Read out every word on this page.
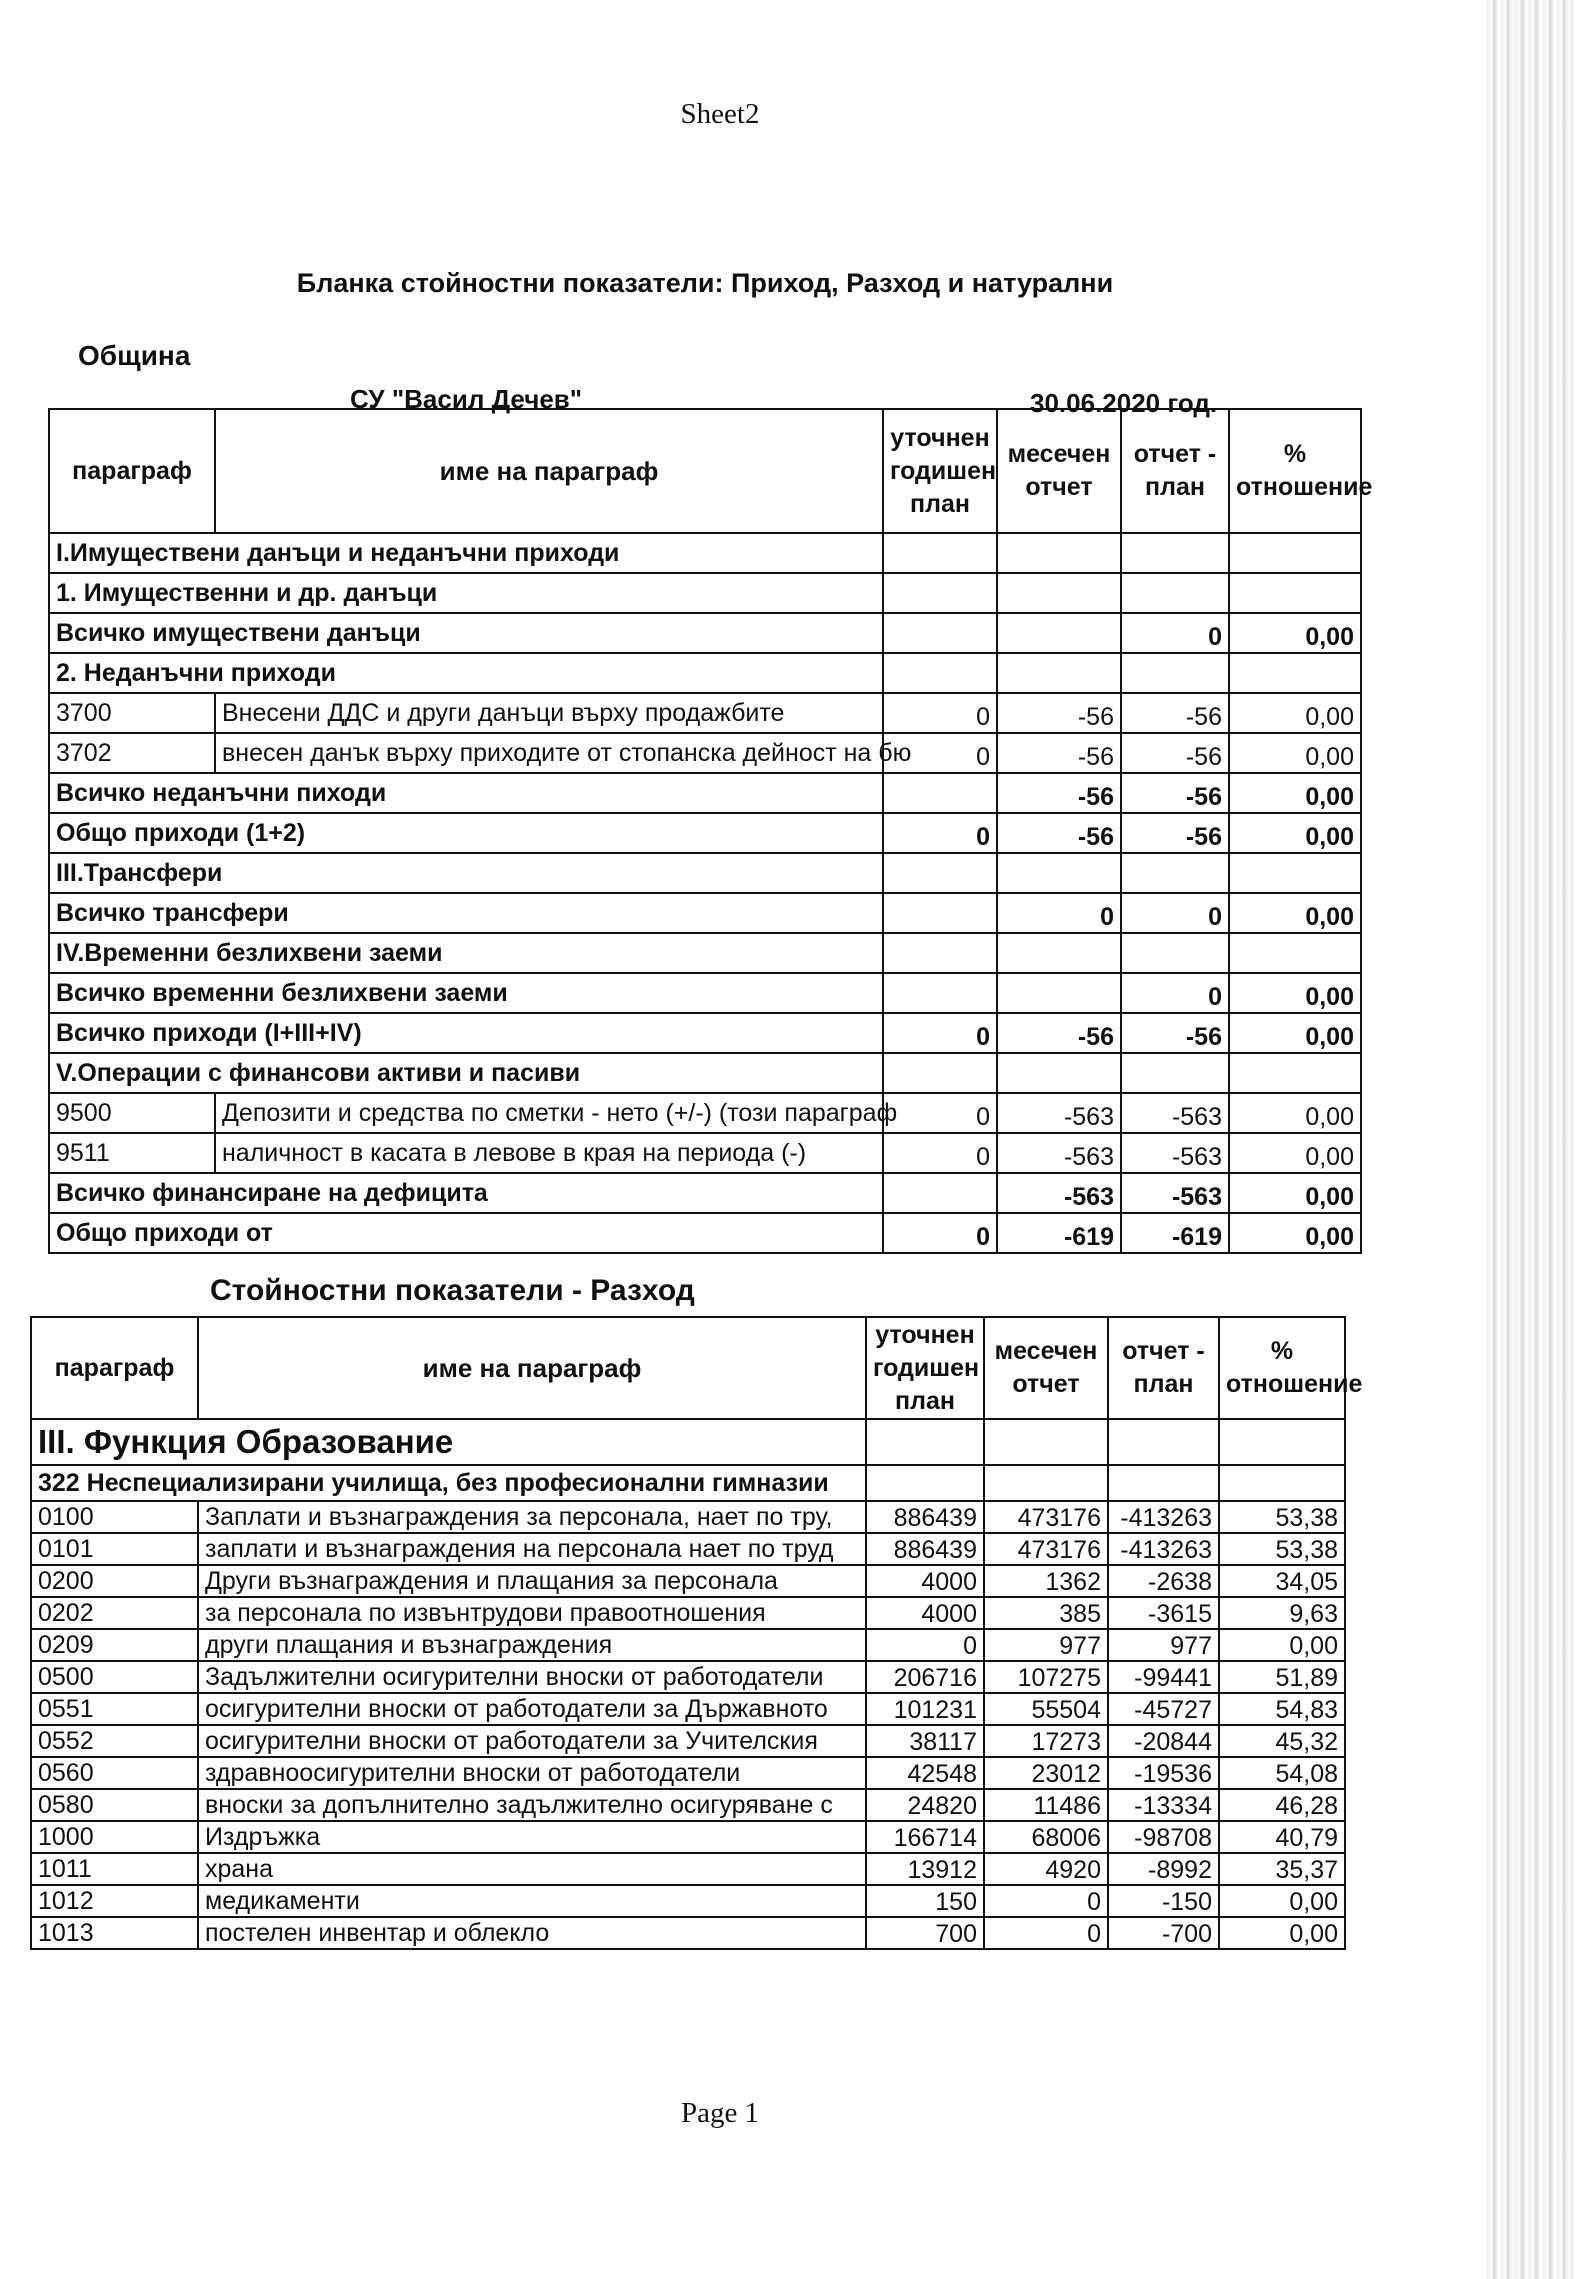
Sheet2
Бланка стойностни показатели: Приход, Разход и натурални
Община
СУ "Васил Дечев"	30.06.2020 год.
параграф	име на параграф	уточнен годишен план	месечен отчет	отчет - план	% отношение
I.Имуществени данъци и неданъчни приходи					
1. Имущественни и др. данъци					
Всичко имуществени данъци				0	0,00
2. Неданъчни приходи					
3700	Внесени ДДС и други данъци върху продажбите	0	-56	-56	0,00
3702	внесен данък върху приходите от стопанска дейност на бю	0	-56	-56	0,00
Всичко неданъчни пиходи			-56	-56	0,00
Общо приходи (1+2)		0	-56	-56	0,00
III.Трансфери					
Всичко трансфери			0	0	0,00
IV.Временни безлихвени заеми					
Всичко временни безлихвени заеми				0	0,00
Всичко приходи (I+III+IV)		0	-56	-56	0,00
V.Операции с финансови активи и пасиви					
9500	Депозити и средства по сметки - нето (+/-) (този параграф	0	-563	-563	0,00
9511	наличност в касата в левове в края на периода (-)	0	-563	-563	0,00
Всичко финансиране на дефицита			-563	-563	0,00
Общо приходи от		0	-619	-619	0,00
Стойностни показатели - Разход
параграф	име на параграф	уточнен годишен план	месечен отчет	отчет - план	% отношение
III. Функция Образование					
322 Неспециализирани училища, без професионални гимназии					
0100	Заплати и възнаграждения за персонала, нает по тру,	886439	473176	-413263	53,38
0101	заплати и възнаграждения на персонала нает по труд	886439	473176	-413263	53,38
0200	Други възнаграждения и плащания за персонала	4000	1362	-2638	34,05
0202	за персонала по извънтрудови правоотношения	4000	385	-3615	9,63
0209	други плащания и възнаграждения	0	977	977	0,00
0500	Задължителни осигурителни вноски от работодатели	206716	107275	-99441	51,89
0551	осигурителни вноски от работодатели за Държавното	101231	55504	-45727	54,83
0552	осигурителни вноски от работодатели за Учителския	38117	17273	-20844	45,32
0560	здравноосигурителни вноски от работодатели	42548	23012	-19536	54,08
0580	вноски за допълнително задължително осигуряване с	24820	11486	-13334	46,28
1000	Издръжка	166714	68006	-98708	40,79
1011	храна	13912	4920	-8992	35,37
1012	медикаменти	150	0	-150	0,00
1013	постелен инвентар и облекло	700	0	-700	0,00
Page 1
